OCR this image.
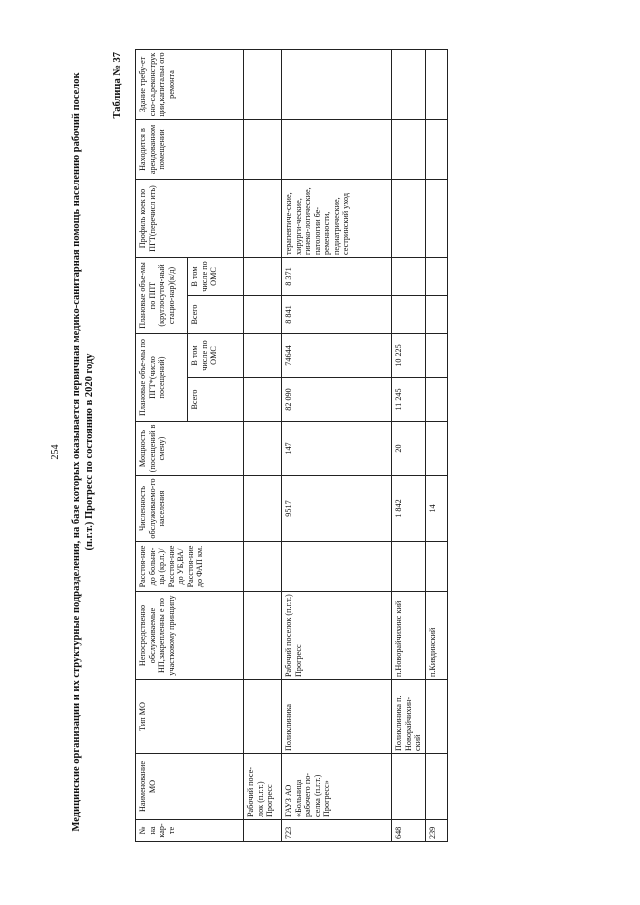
254 Медицинские организации и их структурные подразделения, на базе которых оказывается первичная медико-санитарная помощь населению рабочий поселок (п.г.т.) Прогресс по состоянию в 2020 году
Таблица № 37
№ на кар-те	Наименование МО	Тип МО	Непосредственно обслуживаемые НП,закрепленны е по участковому принципу	Расстоя-ние до больни-цы (кр.п.)/ Расстоя-ние до УБ,ВА/ Расстоя-ние до ФАП км.	Численность обслуживаемо-го населения	Мощность (посещений в смену)	Плановые объе-мы по ПГТ*(число посещений)		Плановые объе-мы по ППТ (круглосуточ-ный стацио-нар)(к/д)		Профиль коек по ПГТ(перечисл ить)	Находится в арендованном помещении	Здание требу-ет сно-са,реконструк ции,капитальн ого ремонта
							Всего	В том числе по ОМС	Всего	В том числе по ОМС			
	Рабочий посе-лок (п.г.т.) Прогресс												
723	ГАУЗ АО «Больница рабочего по-селка (п.г.т.) Прогресс»	Поликлиника	Рабочий поселок (п.г.т.) Прогресс		9517	147	82 090	74644	8 841	8 371	терапевтиче-ские, хирурги-ческие, гинеко-логические, патологии бе-ременности, педиатрические, сестринский уход		
648		Поликлиника п. Новорайчихин-ский	п.Новорайчихинс кий		1 842	20	11 245	10 225					
239			п.Кивдинский		14								
